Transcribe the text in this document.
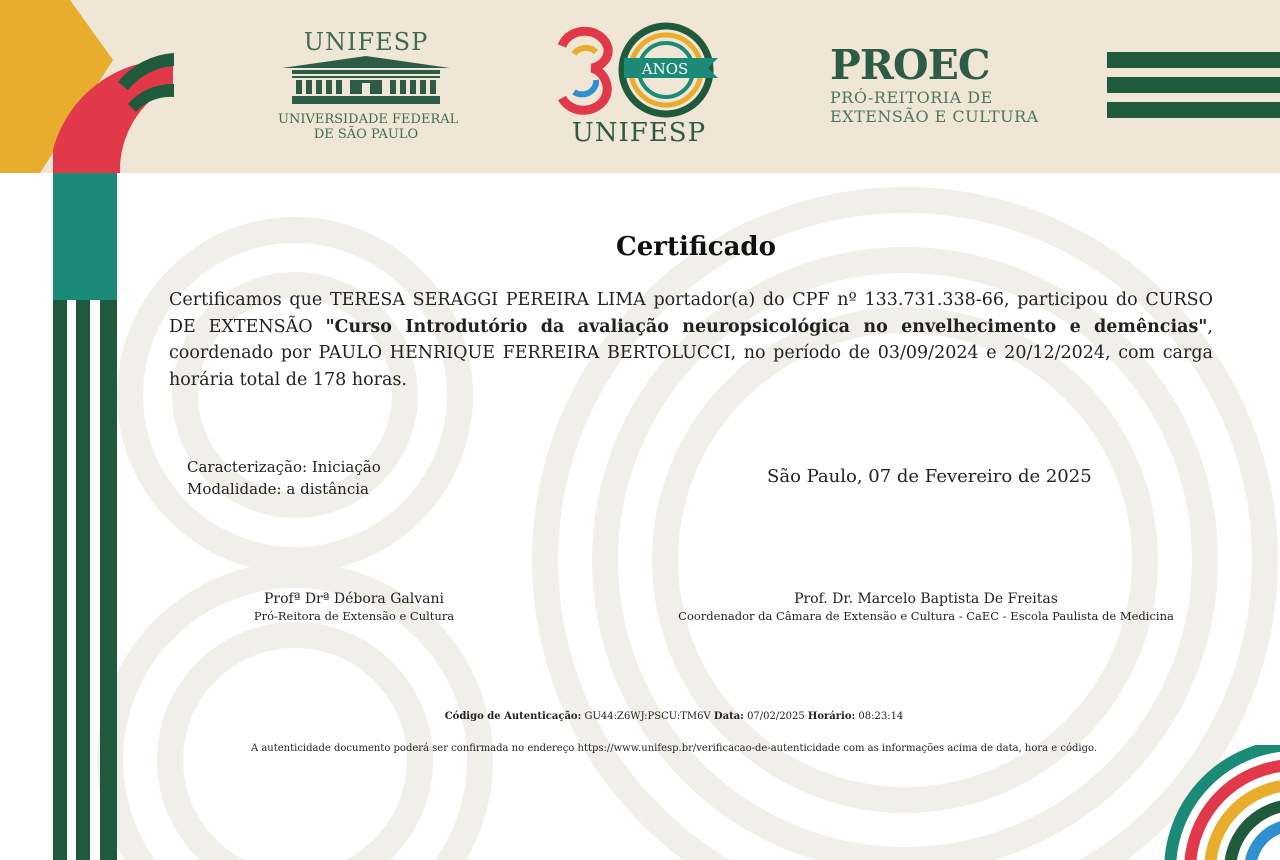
UNIFESP
UNIVERSIDADE FEDERAL
DE SÃO PAULO
ANOS
UNIFESP
PROEC
PRÓ-REITORIA DE
EXTENSÃO E CULTURA
Certificado
Certificamos que TERESA SERAGGI PEREIRA LIMA portador(a) do CPF nº 133.731.338-66, participou do CURSO DE EXTENSÃO "Curso Introdutório da avaliação neuropsicológica no envelhecimento e demências", coordenado por PAULO HENRIQUE FERREIRA BERTOLUCCI, no período de 03/09/2024 e 20/12/2024, com carga horária total de 178 horas.
Caracterização: Iniciação
Modalidade: a distância
São Paulo, 07 de Fevereiro de 2025
Profª Drª Débora Galvani
Pró-Reitora de Extensão e Cultura
Prof. Dr. Marcelo Baptista De Freitas
Coordenador da Câmara de Extensão e Cultura - CaEC - Escola Paulista de Medicina
Código de Autenticação: GU44:Z6WJ:PSCU:TM6V Data: 07/02/2025 Horário: 08:23:14
A autenticidade documento poderá ser confirmada no endereço https://www.unifesp.br/verificacao-de-autenticidade com as informações acima de data, hora e código.
